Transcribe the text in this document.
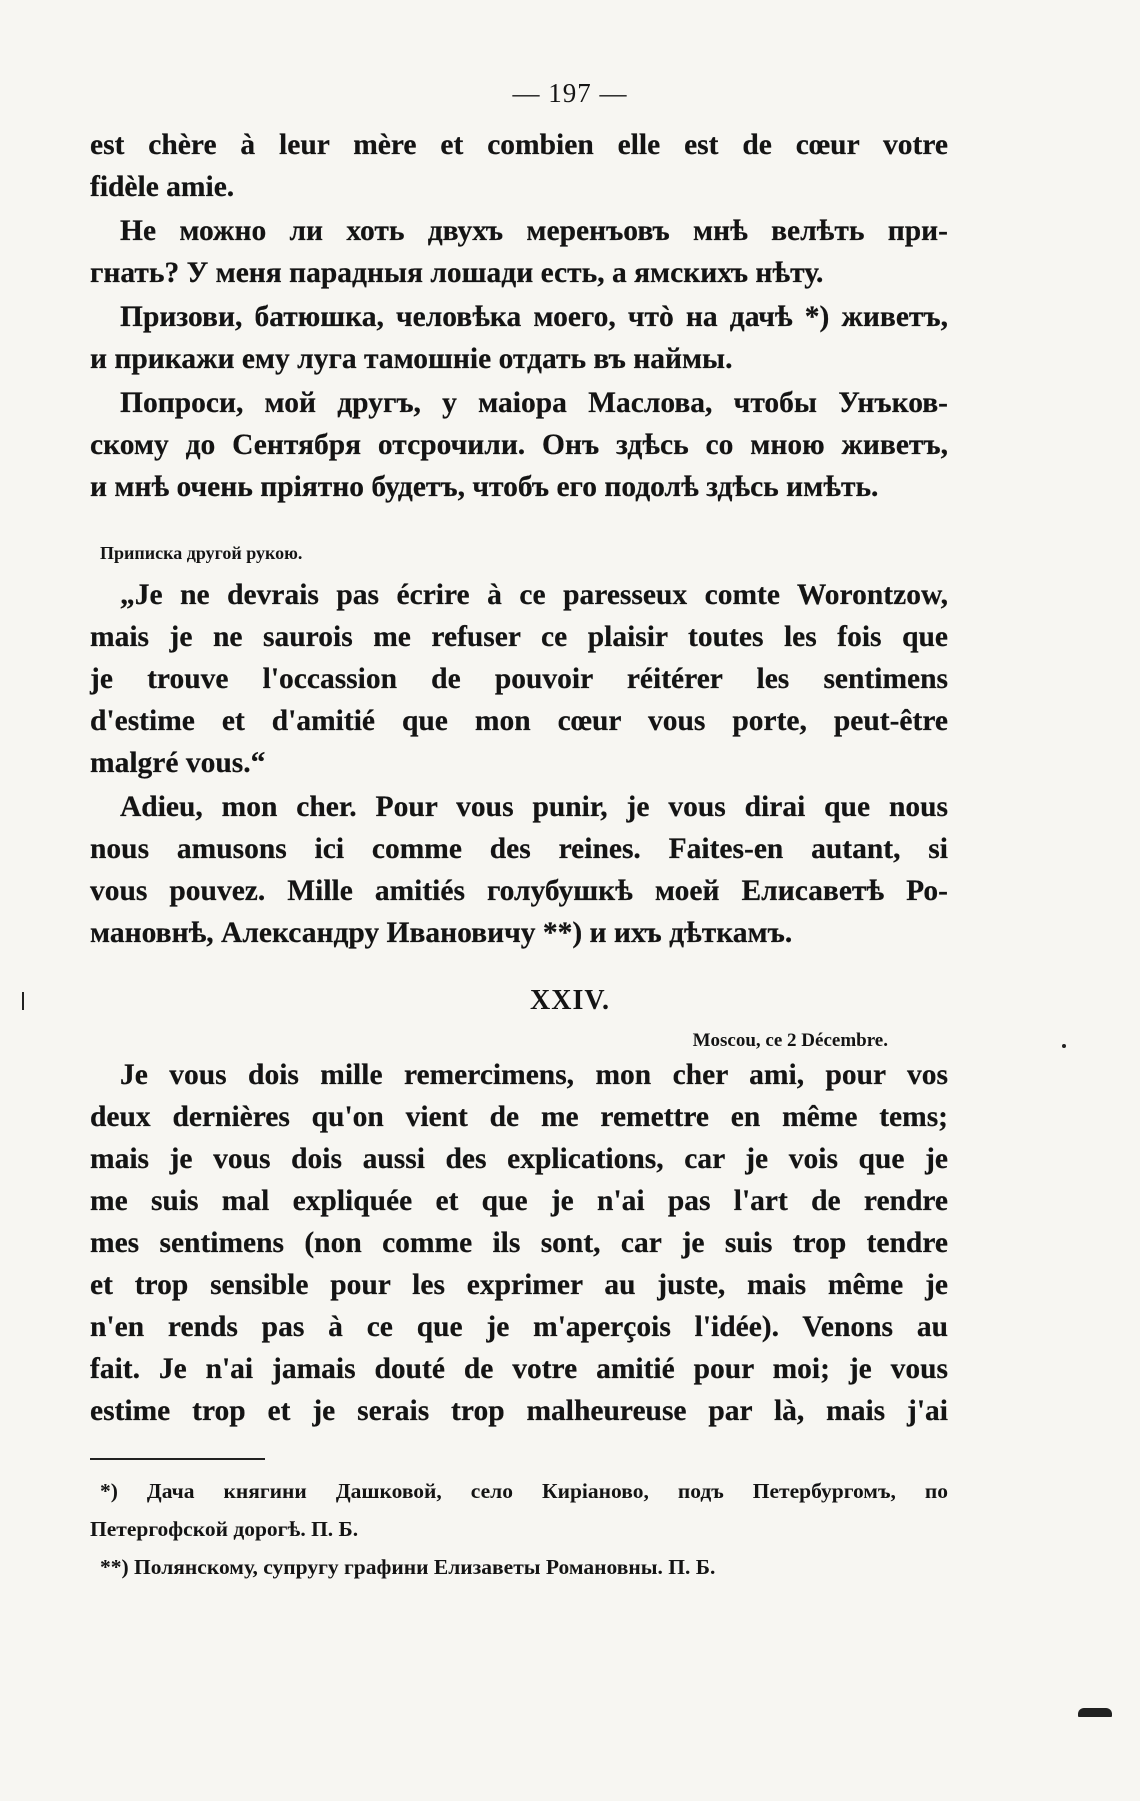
— 197 —
est chère à leur mère et combien elle est de cœur votre
fidèle amie.
Не можно ли хоть двухъ меренъовъ мнѣ велѣть при-
гнать? У меня парадныя лошади есть, а ямскихъ нѣту.
Призови, батюшка, человѣка моего, чтò на дачѣ *) живетъ,
и прикажи ему луга тамошніе отдать въ наймы.
Попроси, мой другъ, у маіора Маслова, чтобы Унъков-
скому до Сентября отсрочили. Онъ здѣсь со мною живетъ,
и мнѣ очень пріятно будетъ, чтобъ его подолѣ здѣсь имѣть.
Приписка другой рукою.
„Je ne devrais pas écrire à ce paresseux comte Worontzow,
mais je ne saurois me refuser ce plaisir toutes les fois que
je trouve l'occassion de pouvoir réitérer les sentimens
d'estime et d'amitié que mon cœur vous porte, peut-être
malgré vous.“
Adieu, mon cher. Pour vous punir, je vous dirai que nous
nous amusons ici comme des reines. Faites-en autant, si
vous pouvez. Mille amitiés голубушкѣ моей Елисаветѣ Ро-
мановнѣ, Александру Ивановичу **) и ихъ дѣткамъ.
XXIV.
Moscou, ce 2 Décembre.
Je vous dois mille remercimens, mon cher ami, pour vos
deux dernières qu'on vient de me remettre en même tems;
mais je vous dois aussi des explications, car je vois que je
me suis mal expliquée et que je n'ai pas l'art de rendre
mes sentimens (non comme ils sont, car je suis trop tendre
et trop sensible pour les exprimer au juste, mais même je
n'en rends pas à ce que je m'aperçois l'idée). Venons au
fait. Je n'ai jamais douté de votre amitié pour moi; je vous
estime trop et je serais trop malheureuse par là, mais j'ai
*) Дача княгини Дашковой, село Киріаново, подъ Петербургомъ, по
Петергофской дорогѣ. П. Б.
**) Полянскому, супругу графини Елизаветы Романовны. П. Б.
